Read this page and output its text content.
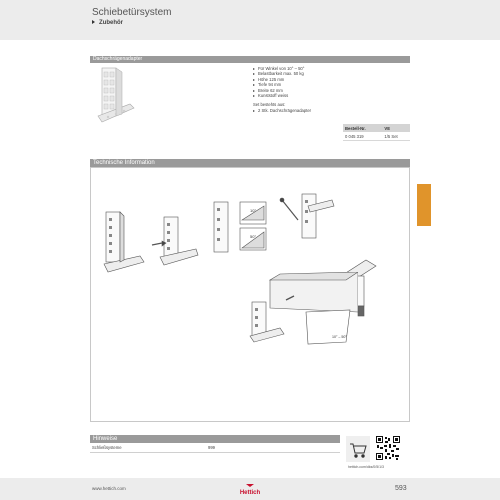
Schiebetürsystem
Zubehör
Dachschrägenadapter
Für Winkel von 10° – 50°
Belastbarkeit max. 50 kg
Höhe 125 mm
Tiefe 94 mm
Breite 62 mm
Kunststoff weiss
Set bestehts aus:
2 Stk. Dachschrägenadapter
Bestell-Nr.	VE
0 045 319	1/5 Set
Technische Information
10°
50°
10° – 50°
Hinweise
Schließsysteme	999
hettich.com/dks/0/5/1/3
www.hettich.com
Hettich
593
